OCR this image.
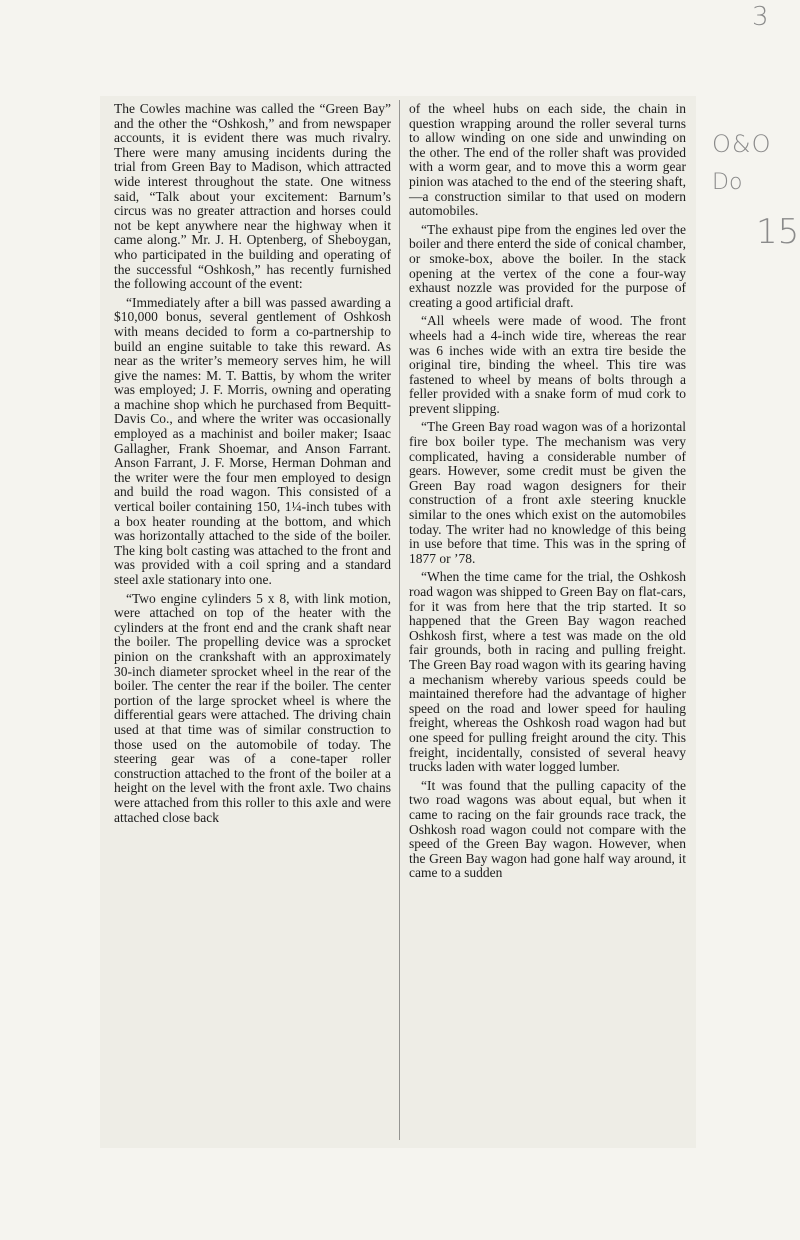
3
O&O
Do
15

The Cowles machine was called the “Green Bay” and the other the “Oshkosh,” and from newspaper accounts, it is evident there was much rivalry. There were many amusing incidents during the trial from Green Bay to Madison, which attracted wide interest throughout the state. One witness said, “Talk about your excitement: Barnum’s circus was no greater attraction and horses could not be kept anywhere near the highway when it came along.” Mr. J. H. Optenberg, of Sheboygan, who participated in the building and operating of the successful “Oshkosh,” has recently furnished the following account of the event:

“Immediately after a bill was passed awarding a $10,000 bonus, several gentlement of Oshkosh with means decided to form a co-partnership to build an engine suitable to take this reward. As near as the writer’s memeory serves him, he will give the names: M. T. Battis, by whom the writer was employed; J. F. Morris, owning and operating a machine shop which he purchased from Bequitt-Davis Co., and where the writer was occasionally employed as a machinist and boiler maker; Isaac Gallagher, Frank Shoemar, and Anson Farrant. Anson Farrant, J. F. Morse, Herman Dohman and the writer were the four men employed to design and build the road wagon. This consisted of a vertical boiler containing 150, 1¼-inch tubes with a box heater rounding at the bottom, and which was horizontally attached to the side of the boiler. The king bolt casting was attached to the front and was provided with a coil spring and a standard steel axle stationary into one.

“Two engine cylinders 5 x 8, with link motion, were attached on top of the heater with the cylinders at the front end and the crank shaft near the boiler. The propelling device was a sprocket pinion on the crankshaft with an approximately 30-inch diameter sprocket wheel in the rear of the boiler. The center the rear if the boiler. The center portion of the large sprocket wheel is where the differential gears were attached. The driving chain used at that time was of similar construction to those used on the automobile of today. The steering gear was of a cone-taper roller construction attached to the front of the boiler at a height on the level with the front axle. Two chains were attached from this roller to this axle and were attached close back

of the wheel hubs on each side, the chain in question wrapping around the roller several turns to allow winding on one side and unwinding on the other. The end of the roller shaft was provided with a worm gear, and to move this a worm gear pinion was atached to the end of the steering shaft,—a construction similar to that used on modern automobiles.

“The exhaust pipe from the engines led over the boiler and there enterd the side of conical chamber, or smoke-box, above the boiler. In the stack opening at the vertex of the cone a four-way exhaust nozzle was provided for the purpose of creating a good artificial draft.

“All wheels were made of wood. The front wheels had a 4-inch wide tire, whereas the rear was 6 inches wide with an extra tire beside the original tire, binding the wheel. This tire was fastened to wheel by means of bolts through a feller provided with a snake form of mud cork to prevent slipping.

“The Green Bay road wagon was of a horizontal fire box boiler type. The mechanism was very complicated, having a considerable number of gears. However, some credit must be given the Green Bay road wagon designers for their construction of a front axle steering knuckle similar to the ones which exist on the automobiles today. The writer had no knowledge of this being in use before that time. This was in the spring of 1877 or ’78.

“When the time came for the trial, the Oshkosh road wagon was shipped to Green Bay on flat-cars, for it was from here that the trip started. It so happened that the Green Bay wagon reached Oshkosh first, where a test was made on the old fair grounds, both in racing and pulling freight. The Green Bay road wagon with its gearing having a mechanism whereby various speeds could be maintained therefore had the advantage of higher speed on the road and lower speed for hauling freight, whereas the Oshkosh road wagon had but one speed for pulling freight around the city. This freight, incidentally, consisted of several heavy trucks laden with water logged lumber.

“It was found that the pulling capacity of the two road wagons was about equal, but when it came to racing on the fair grounds race track, the Oshkosh road wagon could not compare with the speed of the Green Bay wagon. However, when the Green Bay wagon had gone half way around, it came to a sudden
